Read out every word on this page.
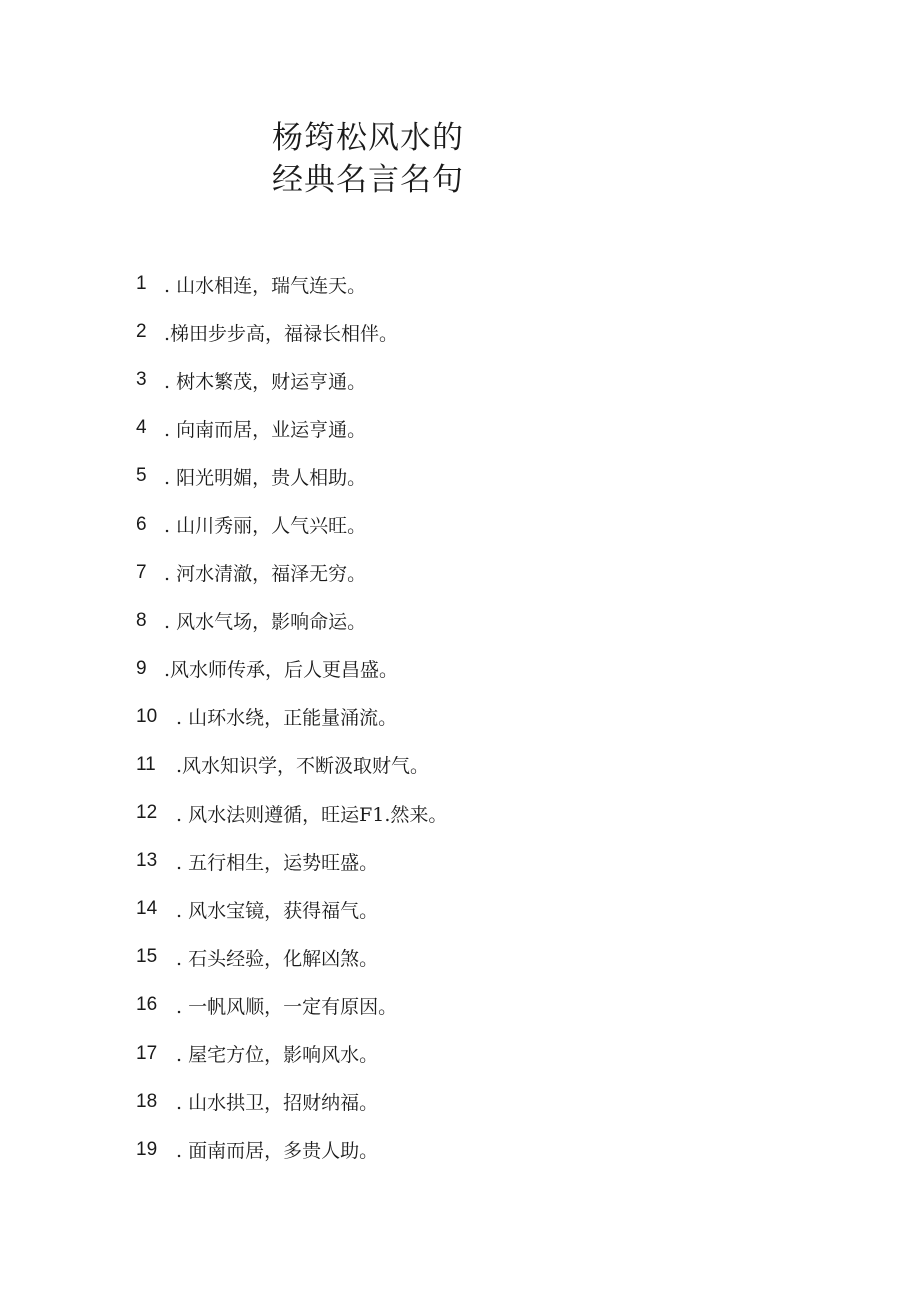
杨筠松风水的
经典名言名句
1 . 山水相连，瑞气连天。
2 .梯田步步高，福禄长相伴。
3 . 树木繁茂，财运亨通。
4 . 向南而居，业运亨通。
5 . 阳光明媚，贵人相助。
6 . 山川秀丽，人气兴旺。
7 . 河水清澈，福泽无穷。
8 . 风水气场，影响命运。
9 .风水师传承，后人更昌盛。
10 . 山环水绕，正能量涌流。
11	.风水知识学，不断汲取财气。
12 . 风水法则遵循，旺运F1.然来。
13 . 五行相生，运势旺盛。
14 . 风水宝镜，获得福气。
15 . 石头经验，化解凶煞。
16 . 一帆风顺，一定有原因。
17 . 屋宅方位，影响风水。
18 . 山水拱卫，招财纳福。
19 . 面南而居，多贵人助。
